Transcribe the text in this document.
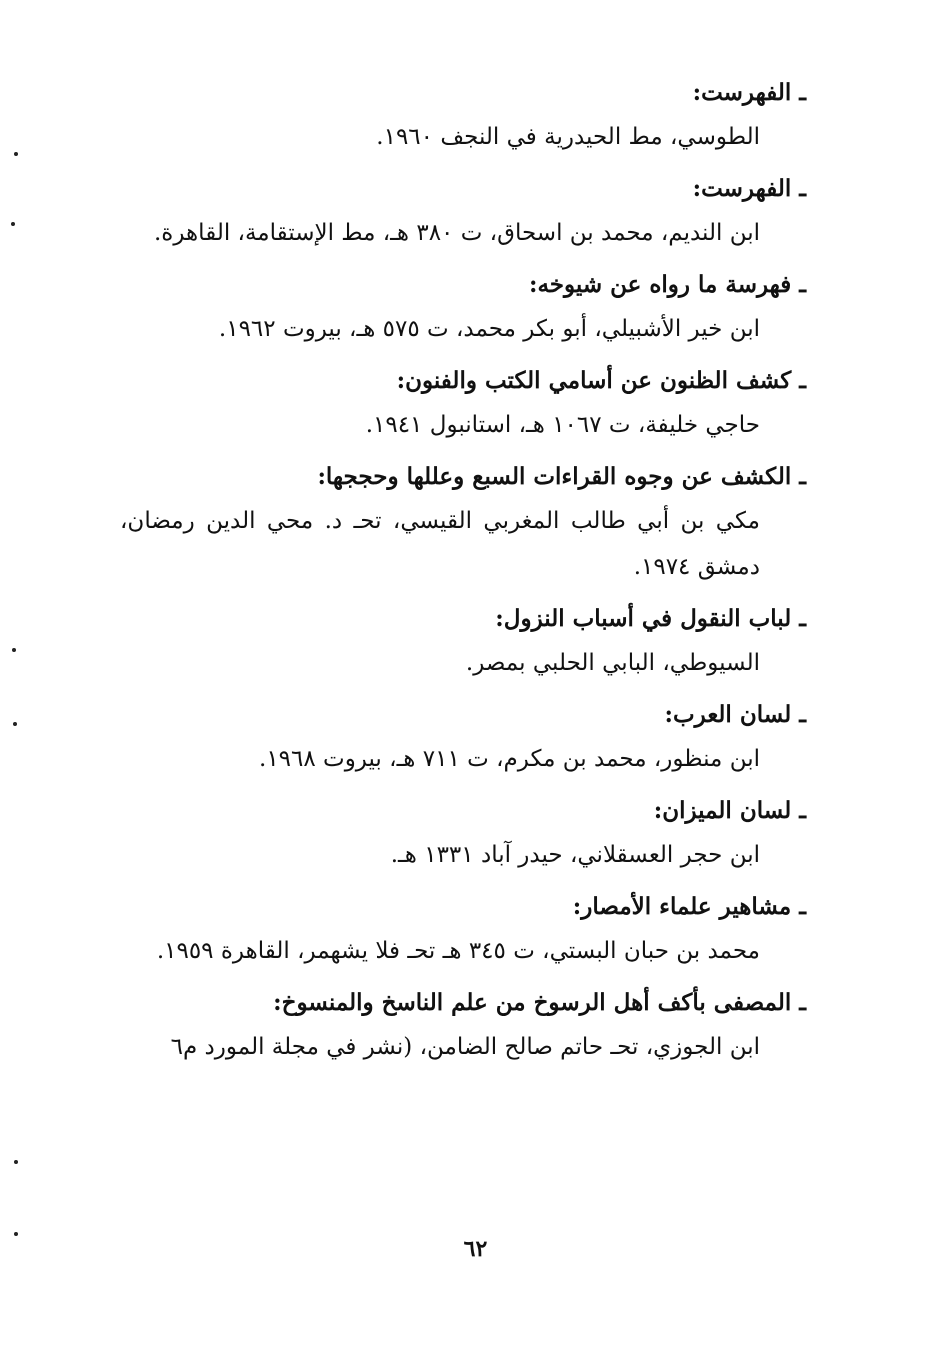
ـ الفهرست:
الطوسي، مط الحيدرية في النجف ١٩٦٠.
ـ الفهرست:
ابن النديم، محمد بن اسحاق، ت ٣٨٠ هـ، مط الإستقامة، القاهرة.
ـ فهرسة ما رواه عن شيوخه:
ابن خير الأشبيلي، أبو بكر محمد، ت ٥٧٥ هـ، بيروت ١٩٦٢.
ـ كشف الظنون عن أسامي الكتب والفنون:
حاجي خليفة، ت ١٠٦٧ هـ، استانبول ١٩٤١.
ـ الكشف عن وجوه القراءات السبع وعللها وحججها:
مكي بن أبي طالب المغربي القيسي، تحـ د. محي الدين رمضان، دمشق ١٩٧٤.
ـ لباب النقول في أسباب النزول:
السيوطي، البابي الحلبي بمصر.
ـ لسان العرب:
ابن منظور، محمد بن مكرم، ت ٧١١ هـ، بيروت ١٩٦٨.
ـ لسان الميزان:
ابن حجر العسقلاني، حيدر آباد ١٣٣١ هـ.
ـ مشاهير علماء الأمصار:
محمد بن حبان البستي، ت ٣٤٥ هـ تحـ فلا يشهمر، القاهرة ١٩٥٩.
ـ المصفى بأكف أهل الرسوخ من علم الناسخ والمنسوخ:
ابن الجوزي، تحـ حاتم صالح الضامن، (نشر في مجلة المورد م٦
٦٢
